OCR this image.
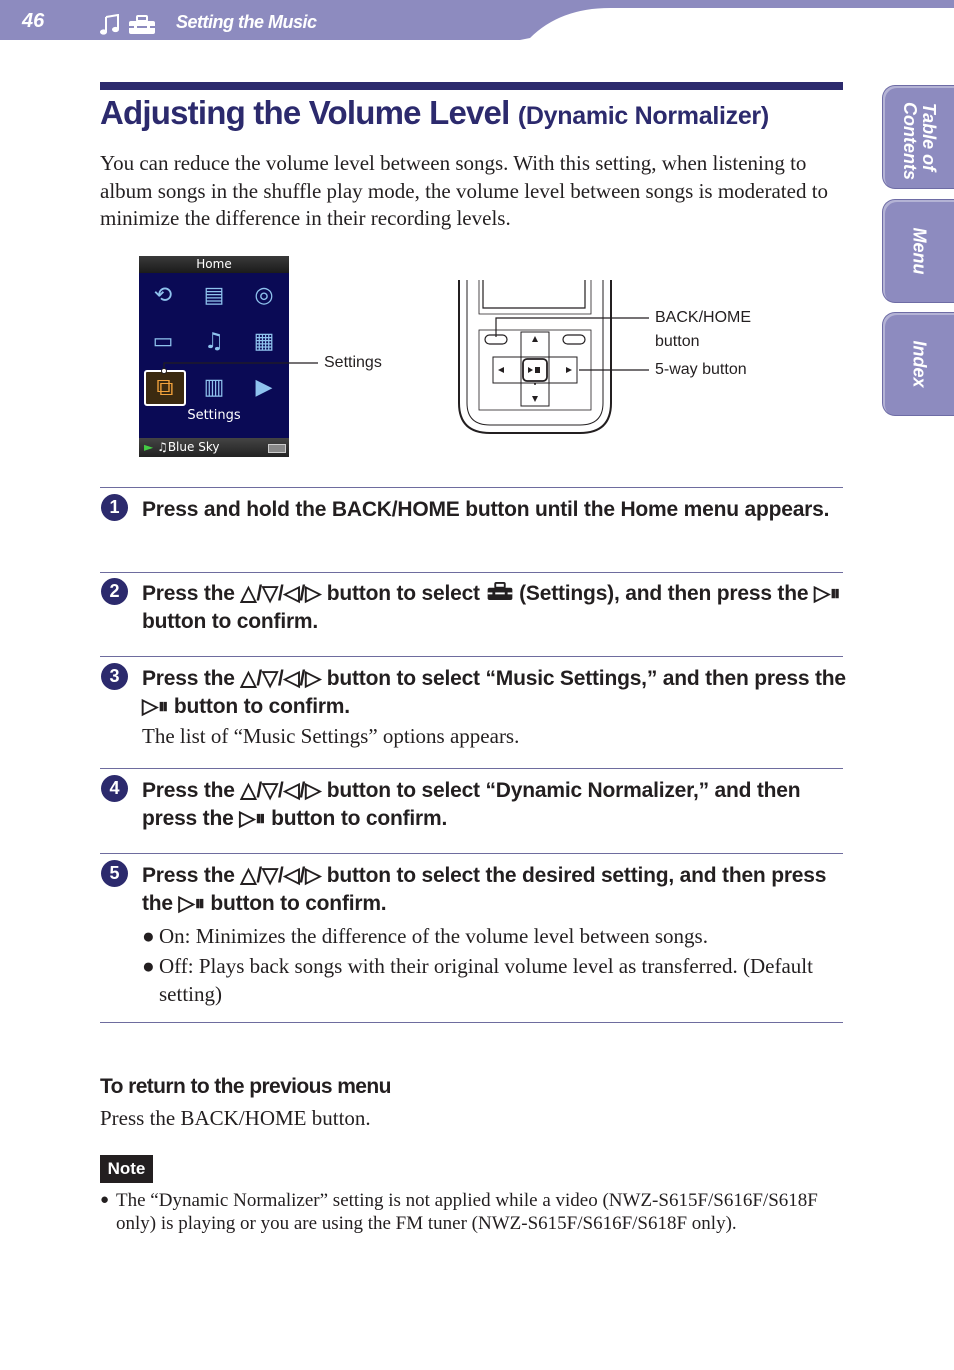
46	Setting the Music
Table of Contents
Menu
Index
Adjusting the Volume Level (Dynamic Normalizer)
You can reduce the volume level between songs. With this setting, when listening to album songs in the shuffle play mode, the volume level between songs is moderated to minimize the difference in their recording levels.
Home
⟲ ▤ ◎
▭ ♫ ▦
⧉	▥ ▶
Settings
► ♫Blue Sky
Settings
BACK/HOME
button
5-way button
1	Press and hold the BACK/HOME button until the Home menu appears.
2	Press the △/▽/◁/▷ button to select  (Settings), and then press the ▷⏸ button to confirm.
3	Press the △/▽/◁/▷ button to select “Music Settings,” and then press the ▷⏸ button to confirm.
The list of “Music Settings” options appears.
4	Press the △/▽/◁/▷ button to select “Dynamic Normalizer,” and then press the ▷⏸ button to confirm.
5	Press the △/▽/◁/▷ button to select the desired setting, and then press the ▷⏸ button to confirm.
● On: Minimizes the difference of the volume level between songs.
● Off: Plays back songs with their original volume level as transferred. (Default setting)
To return to the previous menu
Press the BACK/HOME button.
Note
● The “Dynamic Normalizer” setting is not applied while a video (NWZ-S615F/S616F/S618F only) is playing or you are using the FM tuner (NWZ-S615F/S616F/S618F only).
